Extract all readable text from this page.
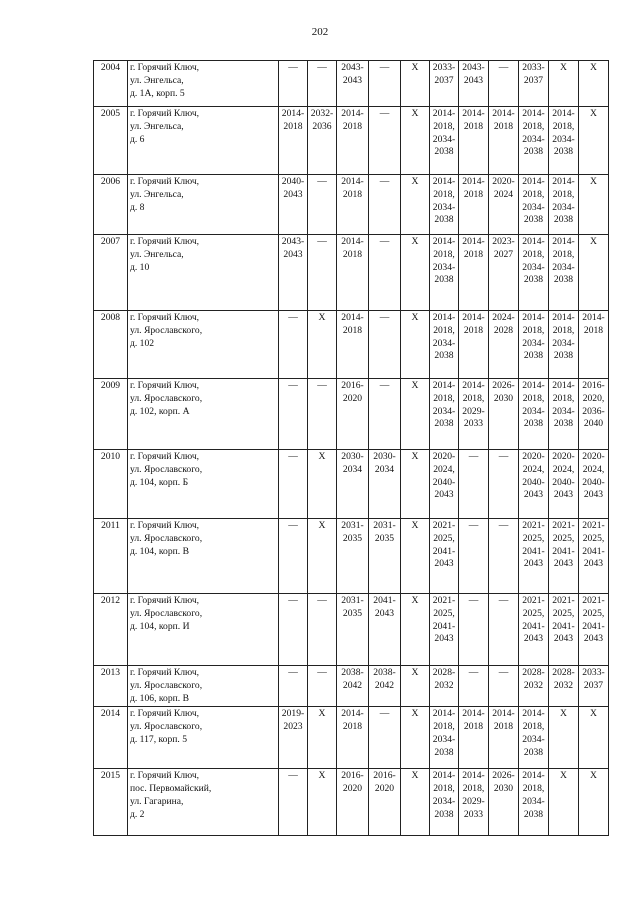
202
2004	г. Горячий Ключ,
ул. Энгельса,
д. 1А, корп. 5	—	—	2043-
2043	—	X	2033-
2037	2043-
2043	—	2033-
2037	X	X

2005	г. Горячий Ключ,
ул. Энгельса,
д. 6	2014-
2018	2032-
2036	2014-
2018	—	X	2014-
2018,
2034-
2038	2014-
2018	2014-
2018	2014-
2018,
2034-
2038	2014-
2018,
2034-
2038	X

2006	г. Горячий Ключ,
ул. Энгельса,
д. 8	2040-
2043	—	2014-
2018	—	X	2014-
2018,
2034-
2038	2014-
2018	2020-
2024	2014-
2018,
2034-
2038	2014-
2018,
2034-
2038	X

2007	г. Горячий Ключ,
ул. Энгельса,
д. 10	2043-
2043	—	2014-
2018	—	X	2014-
2018,
2034-
2038	2014-
2018	2023-
2027	2014-
2018,
2034-
2038	2014-
2018,
2034-
2038	X

2008	г. Горячий Ключ,
ул. Ярославского,
д. 102	—	X	2014-
2018	—	X	2014-
2018,
2034-
2038	2014-
2018	2024-
2028	2014-
2018,
2034-
2038	2014-
2018,
2034-
2038	2014-
2018

2009	г. Горячий Ключ,
ул. Ярославского,
д. 102, корп. А	—	—	2016-
2020	—	X	2014-
2018,
2034-
2038	2014-
2018,
2029-
2033	2026-
2030	2014-
2018,
2034-
2038	2014-
2018,
2034-
2038	2016-
2020,
2036-
2040

2010	г. Горячий Ключ,
ул. Ярославского,
д. 104, корп. Б	—	X	2030-
2034	2030-
2034	X	2020-
2024,
2040-
2043	—	—	2020-
2024,
2040-
2043	2020-
2024,
2040-
2043	2020-
2024,
2040-
2043

2011	г. Горячий Ключ,
ул. Ярославского,
д. 104, корп. В	—	X	2031-
2035	2031-
2035	X	2021-
2025,
2041-
2043	—	—	2021-
2025,
2041-
2043	2021-
2025,
2041-
2043	2021-
2025,
2041-
2043

2012	г. Горячий Ключ,
ул. Ярославского,
д. 104, корп. И	—	—	2031-
2035	2041-
2043	X	2021-
2025,
2041-
2043	—	—	2021-
2025,
2041-
2043	2021-
2025,
2041-
2043	2021-
2025,
2041-
2043

2013	г. Горячий Ключ,
ул. Ярославского,
д. 106, корп. В	—	—	2038-
2042	2038-
2042	X	2028-
2032	—	—	2028-
2032	2028-
2032	2033-
2037

2014	г. Горячий Ключ,
ул. Ярославского,
д. 117, корп. 5	2019-
2023	X	2014-
2018	—	X	2014-
2018,
2034-
2038	2014-
2018	2014-
2018	2014-
2018,
2034-
2038	X	X

2015	г. Горячий Ключ,
пос. Первомайский,
ул. Гагарина,
д. 2	—	X	2016-
2020	2016-
2020	X	2014-
2018,
2034-
2038	2014-
2018,
2029-
2033	2026-
2030	2014-
2018,
2034-
2038	X	X
